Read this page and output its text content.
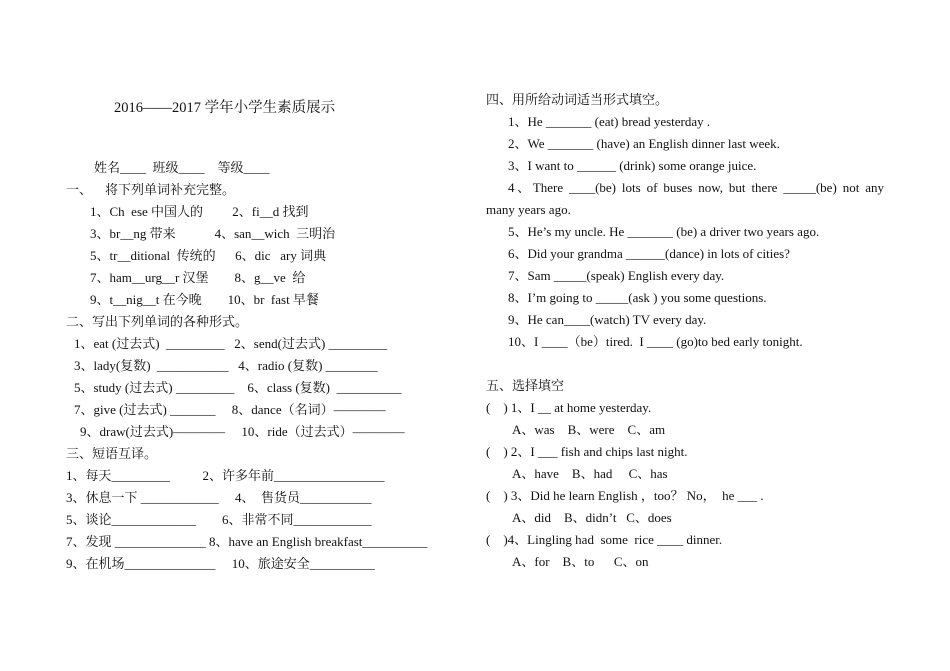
2016——2017 学年小学生素质展示
姓名____  班级____    等级____
一、    将下列单词补充完整。
1、Ch  ese 中国人的         2、fi__d 找到
3、br__ng 带来            4、san__wich  三明治
5、tr__ditional  传统的      6、dic   ary 词典
7、ham__urg__r 汉堡        8、g__ve  给
9、t__nig__t 在今晚        10、br  fast 早餐
二、写出下列单词的各种形式。
1、eat (过去式)  _________   2、send(过去式) _________
3、lady(复数)  ___________   4、radio (复数) ________
5、study (过去式) _________    6、class (复数)  __________
7、give (过去式) _______     8、dance（名词）————
9、draw(过去式)————     10、ride（过去式）————
三、短语互译。
1、每天_________          2、许多年前_________________
3、休息一下 ____________     4、  售货员___________
5、谈论_____________        6、非常不同____________
7、发现 ______________ 8、have an English breakfast__________
9、在机场______________     10、旅途安全__________
四、用所给动词适当形式填空。
1、He _______ (eat) bread yesterday .
2、We _______ (have) an English dinner last week.
3、I want to ______ (drink) some orange juice.
4、There ____(be) lots of buses now, but there _____(be) not any
many years ago.
5、He’s my uncle. He _______ (be) a driver two years ago.
6、Did your grandma ______(dance) in lots of cities?
7、Sam _____(speak) English every day.
8、I’m going to _____(ask ) you some questions.
9、He can____(watch) TV every day.
10、I ____（be）tired.  I ____ (go)to bed early tonight.
五、选择填空
(    ) 1、I __ at home yesterday.
A、was    B、were    C、am
(    ) 2、I ___ fish and chips last night.
A、have    B、had     C、has
(    ) 3、Did he learn English ，too？ No，  he ___ .
A、did    B、didn’t   C、does
(    )4、Lingling had  some  rice ____ dinner.
A、for    B、to      C、on
